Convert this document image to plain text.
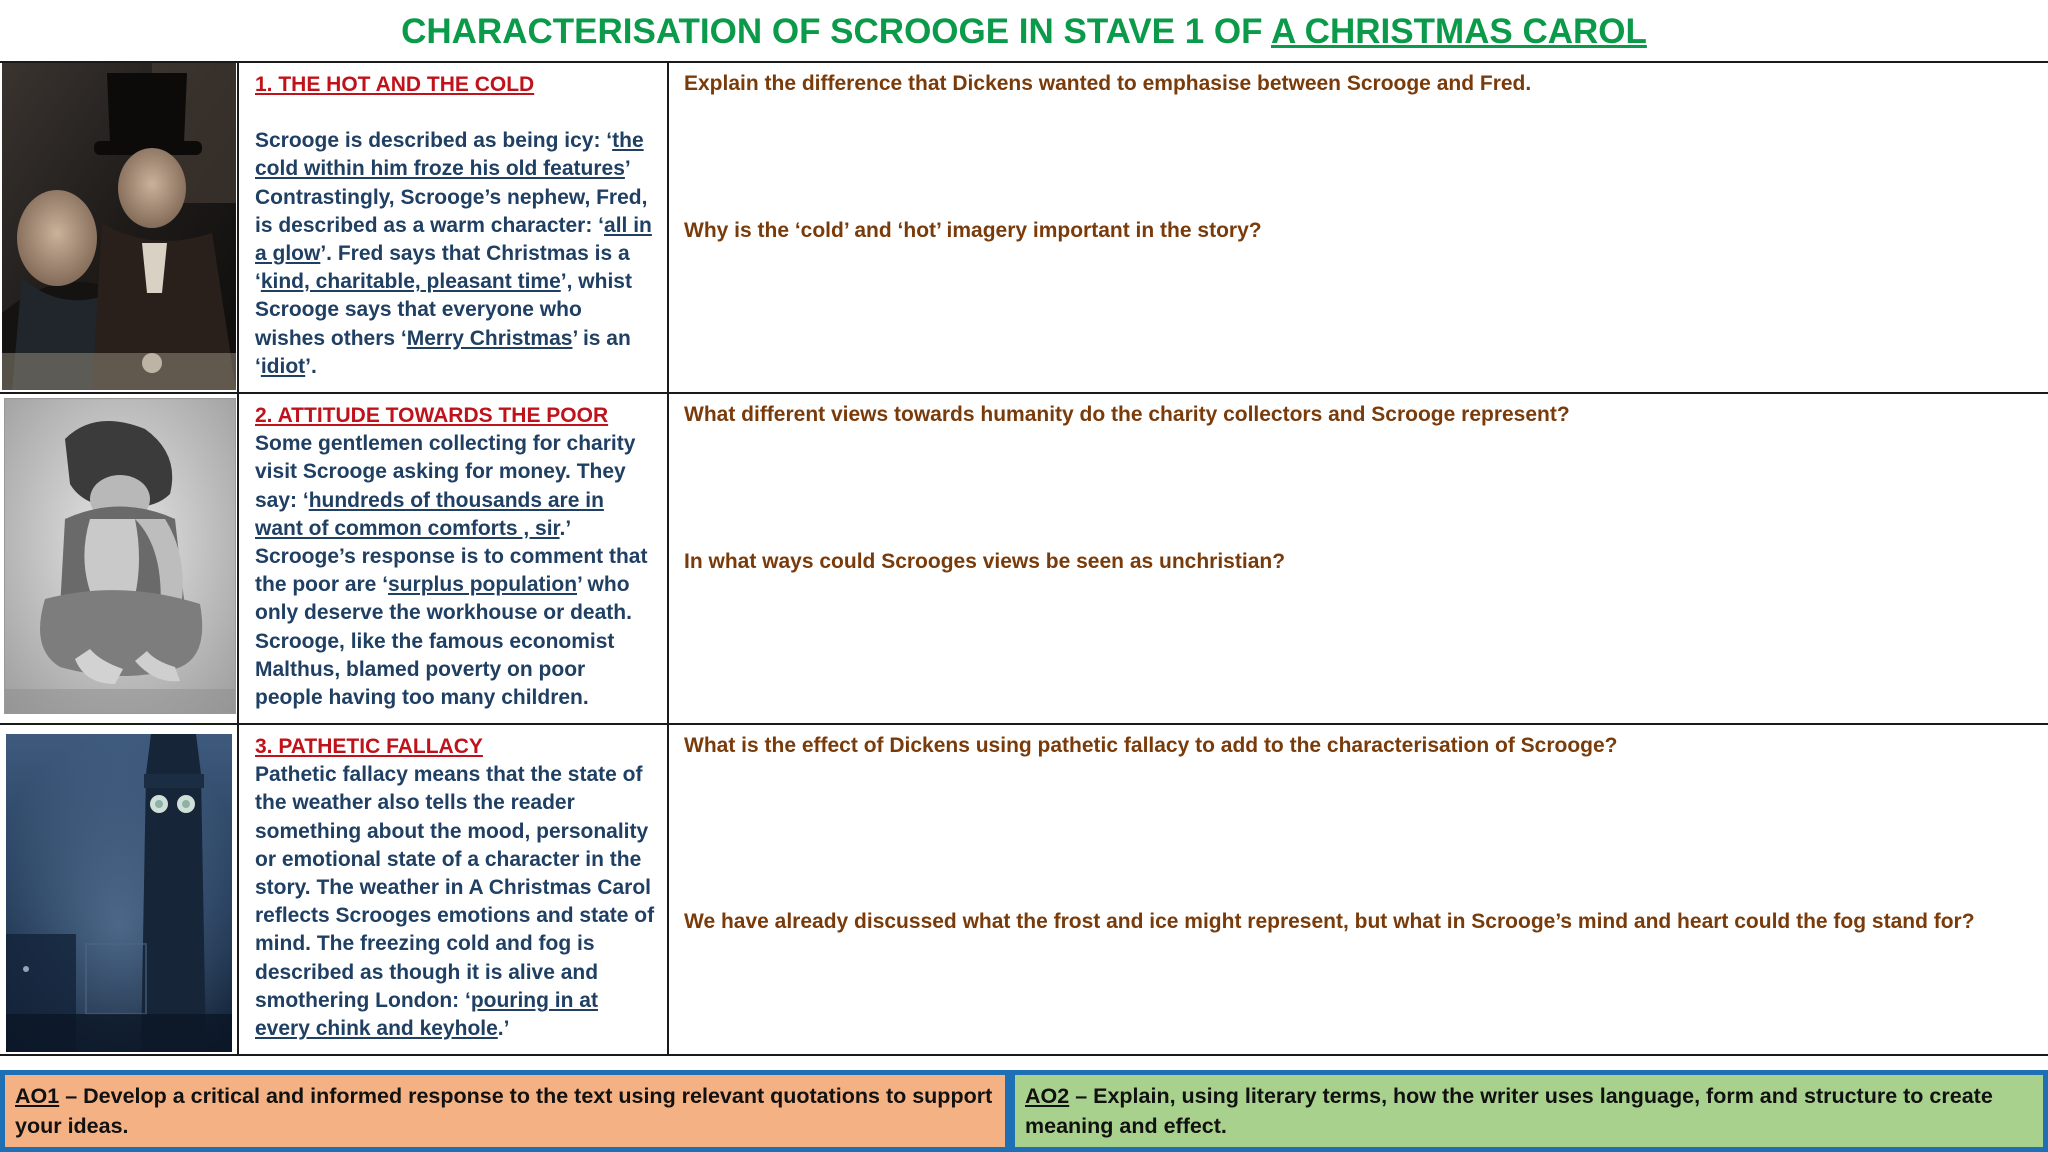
CHARACTERISATION OF SCROOGE IN STAVE 1 OF A CHRISTMAS CAROL
1. THE HOT AND THE COLD
Scrooge is described as being icy: ‘the cold within him froze his old features’ Contrastingly, Scrooge’s nephew, Fred, is described as a warm character: ‘all in a glow’. Fred says that Christmas is a ‘kind, charitable, pleasant time’, whist Scrooge says that everyone who wishes others ‘Merry Christmas’ is an ‘idiot’.
Explain the difference that Dickens wanted to emphasise between Scrooge and Fred.
Why is the ‘cold’ and ‘hot’ imagery important in the story?
2. ATTITUDE TOWARDS THE POOR
Some gentlemen collecting for charity visit Scrooge asking for money. They say: ‘hundreds of thousands are in want of common comforts , sir.’ Scrooge’s response is to comment that the poor are ‘surplus population’ who only deserve the workhouse or death. Scrooge, like the famous economist Malthus, blamed poverty on poor people having too many children.
What different views towards humanity do the charity collectors and Scrooge represent?
In what ways could Scrooges views be seen as unchristian?
3. PATHETIC FALLACY
Pathetic fallacy means that the state of the weather also tells the reader something about the mood, personality or emotional state of a character in the story. The weather in A Christmas Carol reflects Scrooges emotions and state of mind. The freezing cold and fog is described as though it is alive and smothering London: ‘pouring in at every chink and keyhole.’
What is the effect of Dickens using pathetic fallacy to add to the characterisation of Scrooge?
We have already discussed what the frost and ice might represent, but what in Scrooge’s mind and heart could the fog stand for?
AO1 – Develop a critical and informed response to the text using relevant quotations to support your ideas.
AO2 – Explain, using literary terms, how the writer uses language, form and structure to create meaning and effect.
